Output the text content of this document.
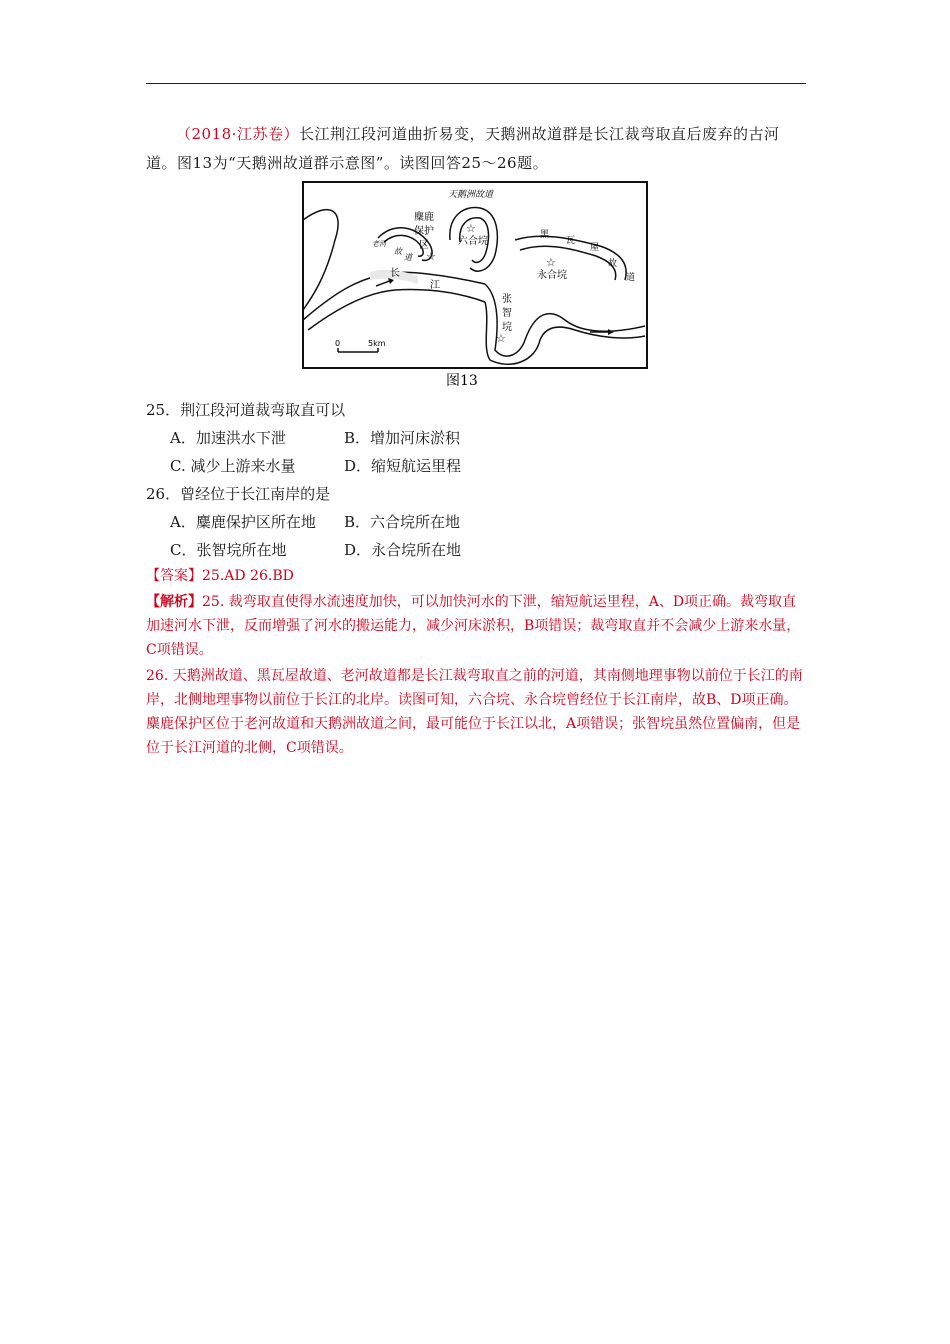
（2018·江苏卷）长江荆江段河道曲折易变，天鹅洲故道群是长江裁弯取直后废弃的古河道。图13为“天鹅洲故道群示意图”。读图回答25～26题。
0	5km
天鹅洲故道
麋 鹿
保 护
区
老河
故
道
六合垸
黑
瓦
屋
故
道
永合垸
长
江
张
智
垸
☆
☆	☆
☆
图13
25．荆江段河道裁弯取直可以
A．加速洪水下泄	B．增加河床淤积
C. 减少上游来水量	D．缩短航运里程
26．曾经位于长江南岸的是
A．麋鹿保护区所在地 B．六合垸所在地
C．张智垸所在地	D．永合垸所在地
【答案】25.AD 26.BD
【解析】25. 裁弯取直使得水流速度加快，可以加快河水的下泄，缩短航运里程，A、D项正确。裁弯取直加速河水下泄，反而增强了河水的搬运能力，减少河床淤积，B项错误；裁弯取直并不会减少上游来水量，C项错误。
26. 天鹅洲故道、黑瓦屋故道、老河故道都是长江裁弯取直之前的河道，其南侧地理事物以前位于长江的南岸，北侧地理事物以前位于长江的北岸。读图可知，六合垸、永合垸曾经位于长江南岸，故B、D项正确。麋鹿保护区位于老河故道和天鹅洲故道之间，最可能位于长江以北，A项错误；张智垸虽然位置偏南，但是位于长江河道的北侧，C项错误。
